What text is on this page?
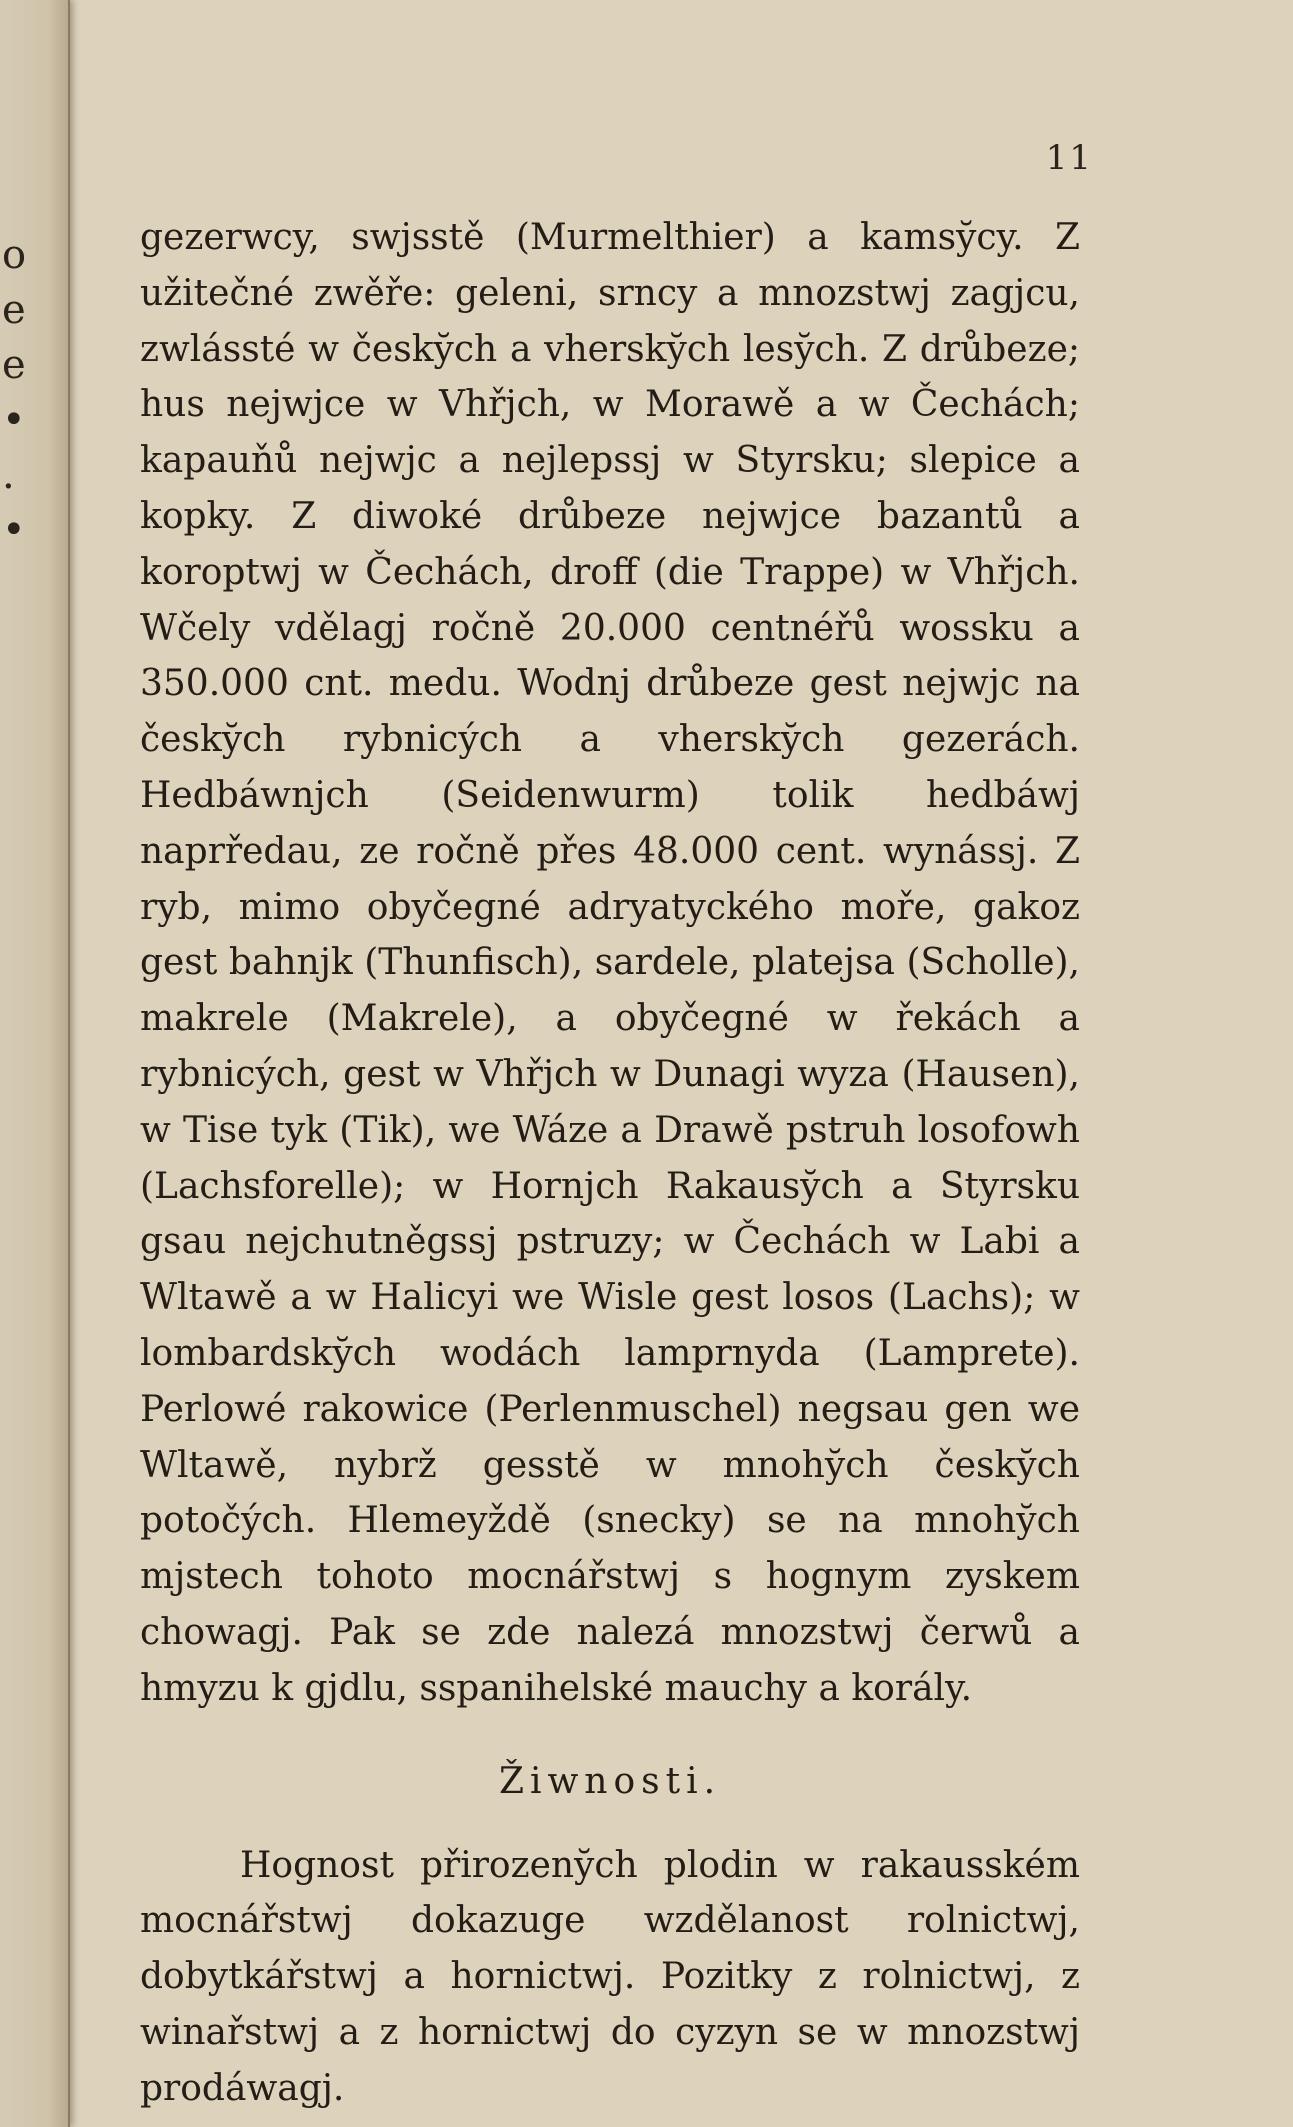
o
e
e
•
.
•
11

gezerwcy, swjsstě (Murmelthier) a kamsy̆cy. Z užitečné zwěře: geleni, srncy a mnozstwj zagjcu, zwlássté w česky̆ch a vhersky̆ch lesy̆ch. Z drůbeze; hus nejwjce w Vhřjch, w Morawě a w Čechách; kapauňů nejwjc a nejlepssj w Styrsku; slepice a kopky. Z diwoké drůbeze nejwjce bazantů a koroptwj w Čechách, droff (die Trappe) w Vhřjch. Wčely vdělagj ročně 20.000 centnéřů wossku a 350.000 cnt. medu. Wodnj drůbeze gest nejwjc na česky̆ch rybnicých a vhersky̆ch gezerách. Hedbáwnjch (Seidenwurm) tolik hedbáwj naprředau, ze ročně přes 48.000 cent. wynássj. Z ryb, mimo obyčegné adryatyckého moře, gakoz gest bahnjk (Thunfisch), sardele, platejsa (Scholle), makrele (Makrele), a obyčegné w řekách a rybnicých, gest w Vhřjch w Dunagi wyza (Hausen), w Tise tyk (Tik), we Wáze a Drawě pstruh losofowh (Lachsforelle); w Hornjch Rakausy̆ch a Styrsku gsau nejchutněgssj pstruzy; w Čechách w Labi a Wltawě a w Halicyi we Wisle gest losos (Lachs); w lombardsky̆ch wodách lamprnyda (Lamprete). Perlowé rakowice (Perlenmuschel) negsau gen we Wltawě, nybrž gesstě w mnohy̆ch česky̆ch potočých. Hlemeyždě (snecky) se na mnohy̆ch mjstech tohoto mocnářstwj s hognym zyskem chowagj. Pak se zde nalezá mnozstwj čerwů a hmyzu k gjdlu, sspanihelské mauchy a korály.

Žiwnosti.

Hognost přirozeny̆ch plodin w rakausském mocnářstwj dokazuge wzdělanost rolnictwj, dobytkářstwj a hornictwj. Pozitky z rolnictwj, z winařstwj a z hornictwj do cyzyn se w mnozstwj prodáwagj.
